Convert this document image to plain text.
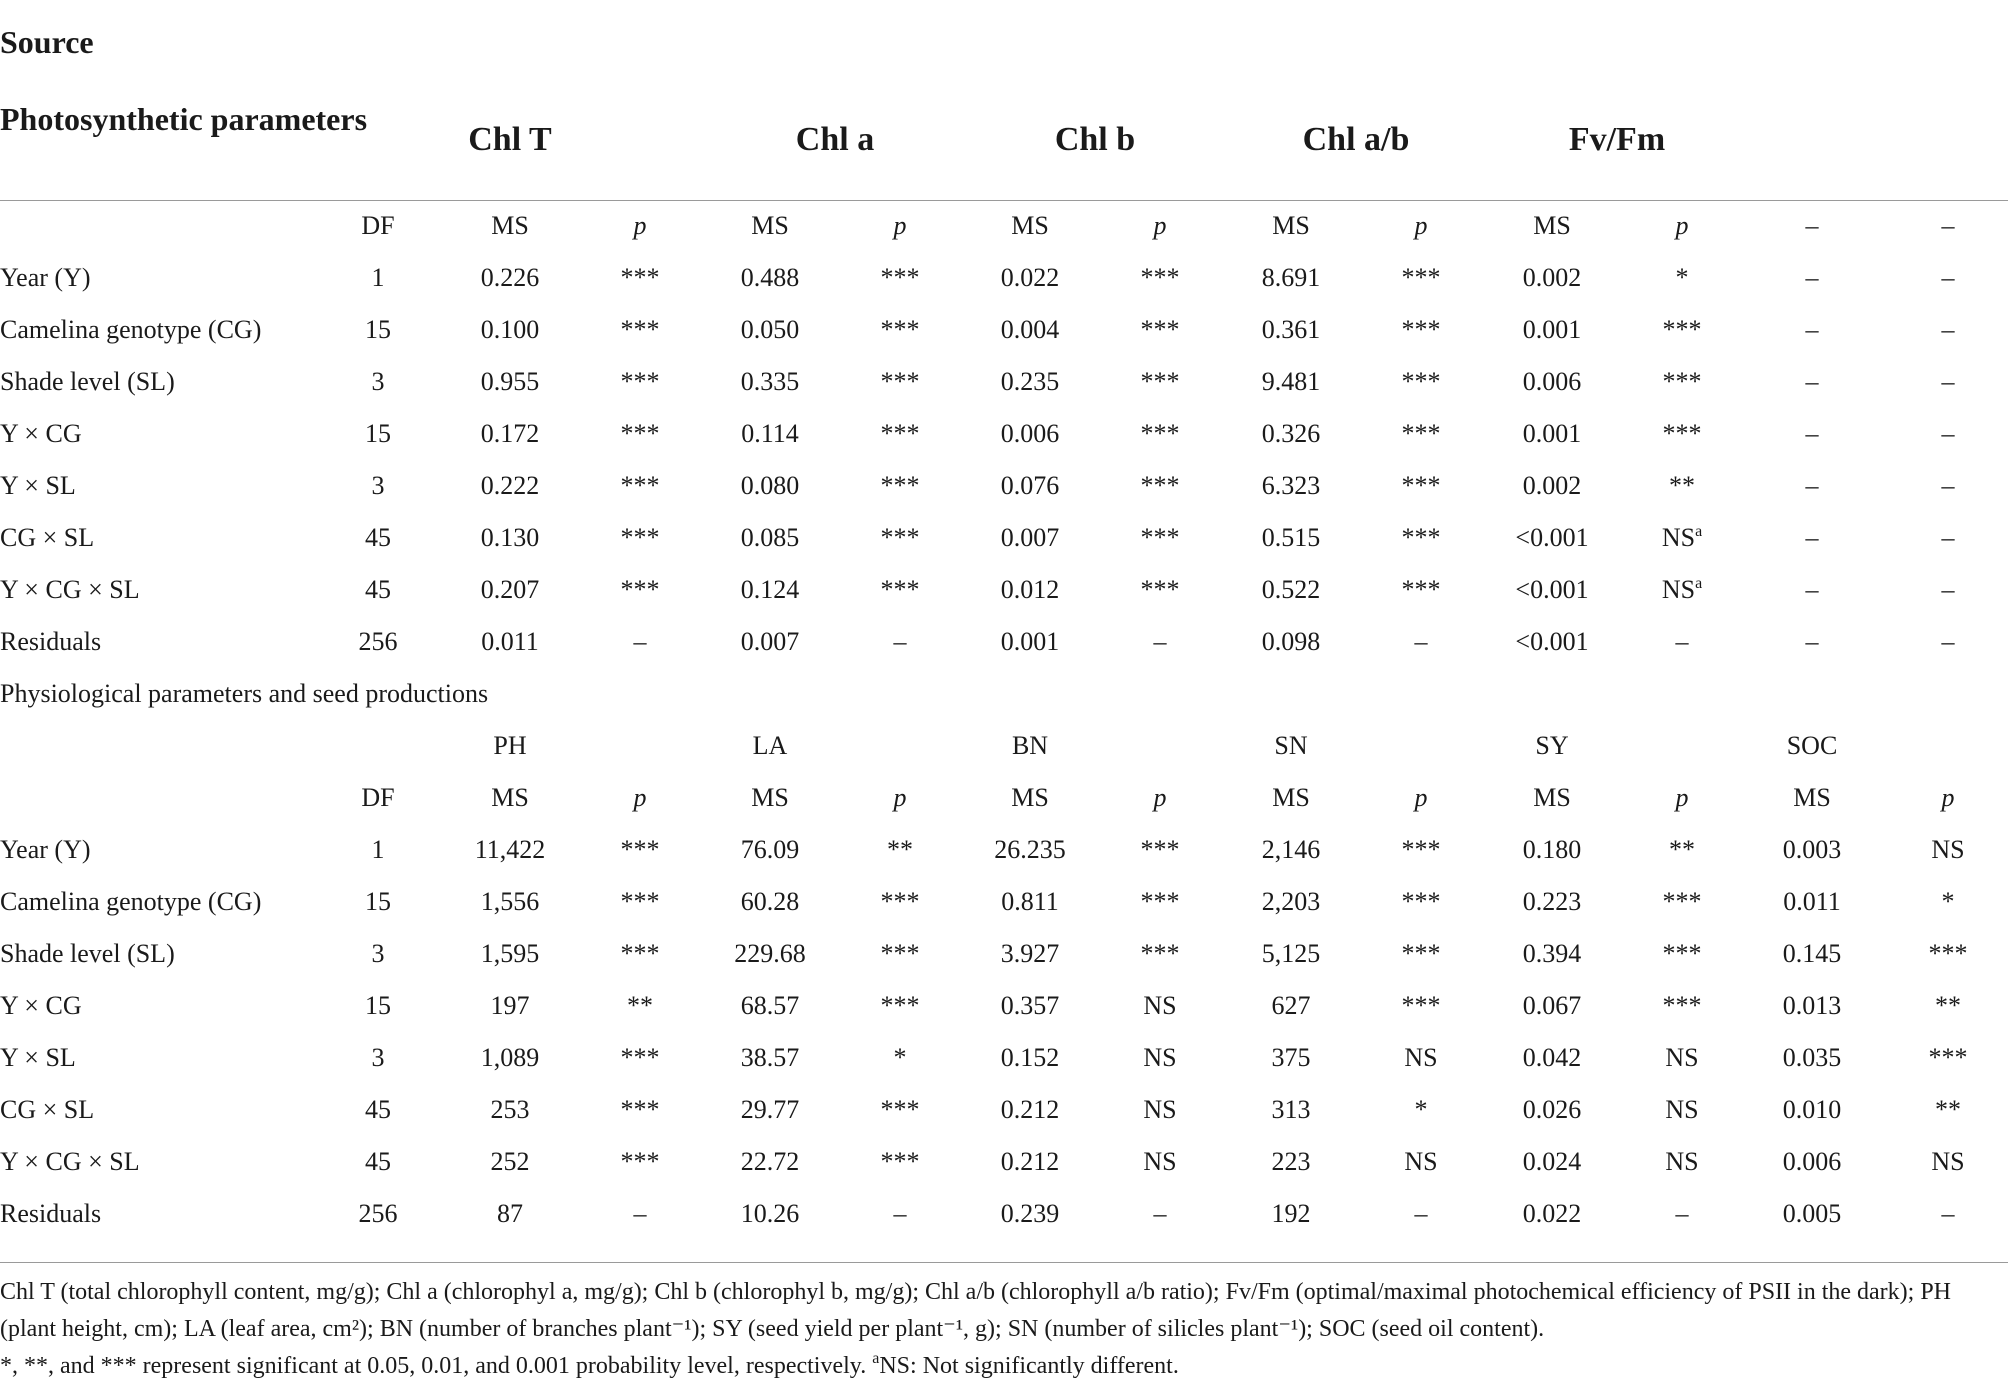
Source
Photosynthetic parameters
Chl T	Chl a	Chl b	Chl a/b	Fv/Fm
DF	MS	p	MS	p	MS	p	MS	p	MS	p	–	–
Year (Y)	1	0.226	***	0.488	***	0.022	***	8.691	***	0.002	*	–	–
Camelina genotype (CG)	15	0.100	***	0.050	***	0.004	***	0.361	***	0.001	***	–	–
Shade level (SL)	3	0.955	***	0.335	***	0.235	***	9.481	***	0.006	***	–	–
Y × CG	15	0.172	***	0.114	***	0.006	***	0.326	***	0.001	***	–	–
Y × SL	3	0.222	***	0.080	***	0.076	***	6.323	***	0.002	**	–	–
CG × SL	45	0.130	***	0.085	***	0.007	***	0.515	***	<0.001	$NS^a$	–	–
Y × CG × SL	45	0.207	***	0.124	***	0.012	***	0.522	***	<0.001	$NS^a$	–	–
Residuals	256	0.011	–	0.007	–	0.001	–	0.098	–	<0.001	–	–	–
Physiological parameters and seed productions
PH	LA	BN	SN	SY	SOC
DF	MS	p	MS	p	MS	p	MS	p	MS	p	MS	p
Year (Y)	1	11,422	***	76.09	**	26.235	***	2,146	***	0.180	**	0.003	NS
Camelina genotype (CG)	15	1,556	***	60.28	***	0.811	***	2,203	***	0.223	***	0.011	*
Shade level (SL)	3	1,595	***	229.68	***	3.927	***	5,125	***	0.394	***	0.145	***
Y × CG	15	197	**	68.57	***	0.357	NS	627	***	0.067	***	0.013	**
Y × SL	3	1,089	***	38.57	*	0.152	NS	375	NS	0.042	NS	0.035	***
CG × SL	45	253	***	29.77	***	0.212	NS	313	*	0.026	NS	0.010	**
Y × CG × SL	45	252	***	22.72	***	0.212	NS	223	NS	0.024	NS	0.006	NS
Residuals	256	87	–	10.26	–	0.239	–	192	–	0.022	–	0.005	–

Chl T (total chlorophyll content, mg/g); Chl a (chlorophyl a, mg/g); Chl b (chlorophyl b, mg/g); Chl a/b (chlorophyll a/b ratio); Fv/Fm (optimal/maximal photochemical efficiency of PSII in the dark); PH (plant height, cm); LA (leaf area, cm²); BN (number of branches plant⁻¹); SY (seed yield per plant⁻¹, g); SN (number of silicles plant⁻¹); SOC (seed oil content).

*, **, and *** represent significant at 0.05, 0.01, and 0.001 probability level, respectively. $^a$NS: Not significantly different.
